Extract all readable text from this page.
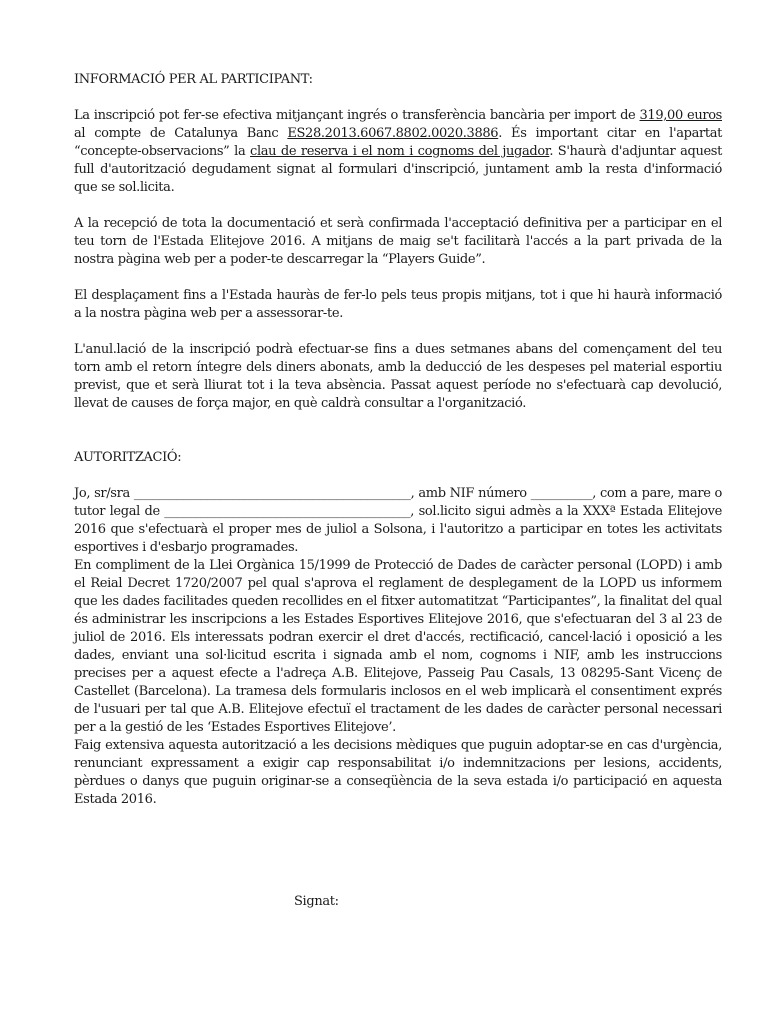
INFORMACIÓ PER AL PARTICIPANT:

La inscripció pot fer-se efectiva mitjançant ingrés o transferència bancària per import de 319,00 euros al compte de Catalunya Banc ES28.2013.6067.8802.0020.3886. És important citar en l'apartat “concepte-observacions” la clau de reserva i el nom i cognoms del jugador. S'haurà d'adjuntar aquest full d'autorització degudament signat al formulari d'inscripció, juntament amb la resta d'informació que se sol.licita.

A la recepció de tota la documentació et serà confirmada l'acceptació definitiva per a participar en el teu torn de l'Estada Elitejove 2016. A mitjans de maig se't facilitarà l'accés a la part privada de la nostra pàgina web per a poder-te descarregar la “Players Guide”.

El desplaçament fins a l'Estada hauràs de fer-lo pels teus propis mitjans, tot i que hi haurà informació a la nostra pàgina web per a assessorar-te.

L'anul.lació de la inscripció podrà efectuar-se fins a dues setmanes abans del començament del teu torn amb el retorn íntegre dels diners abonats, amb la deducció de les despeses pel material esportiu previst, que et serà lliurat tot i la teva absència. Passat aquest període no s'efectuarà cap devolució, llevat de causes de força major, en què caldrà consultar a l'organització.

AUTORITZACIÓ:

Jo, sr/sra _____________________________________________, amb NIF número __________, com a pare, mare o tutor legal de ________________________________________, sol.licito sigui admès a la XXXª Estada Elitejove 2016 que s'efectuarà el proper mes de juliol a Solsona, i l'autoritzo a participar en totes les activitats esportives i d'esbarjo programades.

En compliment de la Llei Orgànica 15/1999 de Protecció de Dades de caràcter personal (LOPD) i amb el Reial Decret 1720/2007 pel qual s'aprova el reglament de desplegament de la LOPD us informem que les dades facilitades queden recollides en el fitxer automatitzat “Participantes”, la finalitat del qual és administrar les inscripcions a les Estades Esportives Elitejove 2016, que s'efectuaran del 3 al 23 de juliol de 2016. Els interessats podran exercir el dret d'accés, rectificació, cancel·lació i oposició a les dades, enviant una sol·licitud escrita i signada amb el nom, cognoms i NIF, amb les instruccions precises per a aquest efecte a l'adreça A.B. Elitejove, Passeig Pau Casals, 13 08295-Sant Vicenç de Castellet (Barcelona). La tramesa dels formularis inclosos en el web implicarà el consentiment exprés de l'usuari per tal que A.B. Elitejove efectuï el tractament de les dades de caràcter personal necessari per a la gestió de les ‘Estades Esportives Elitejove’.

Faig extensiva aquesta autorització a les decisions mèdiques que puguin adoptar-se en cas d'urgència, renunciant expressament a exigir cap responsabilitat i/o indemnitzacions per lesions, accidents, pèrdues o danys que puguin originar-se a conseqüència de la seva estada i/o participació en aquesta Estada 2016.

Signat:
